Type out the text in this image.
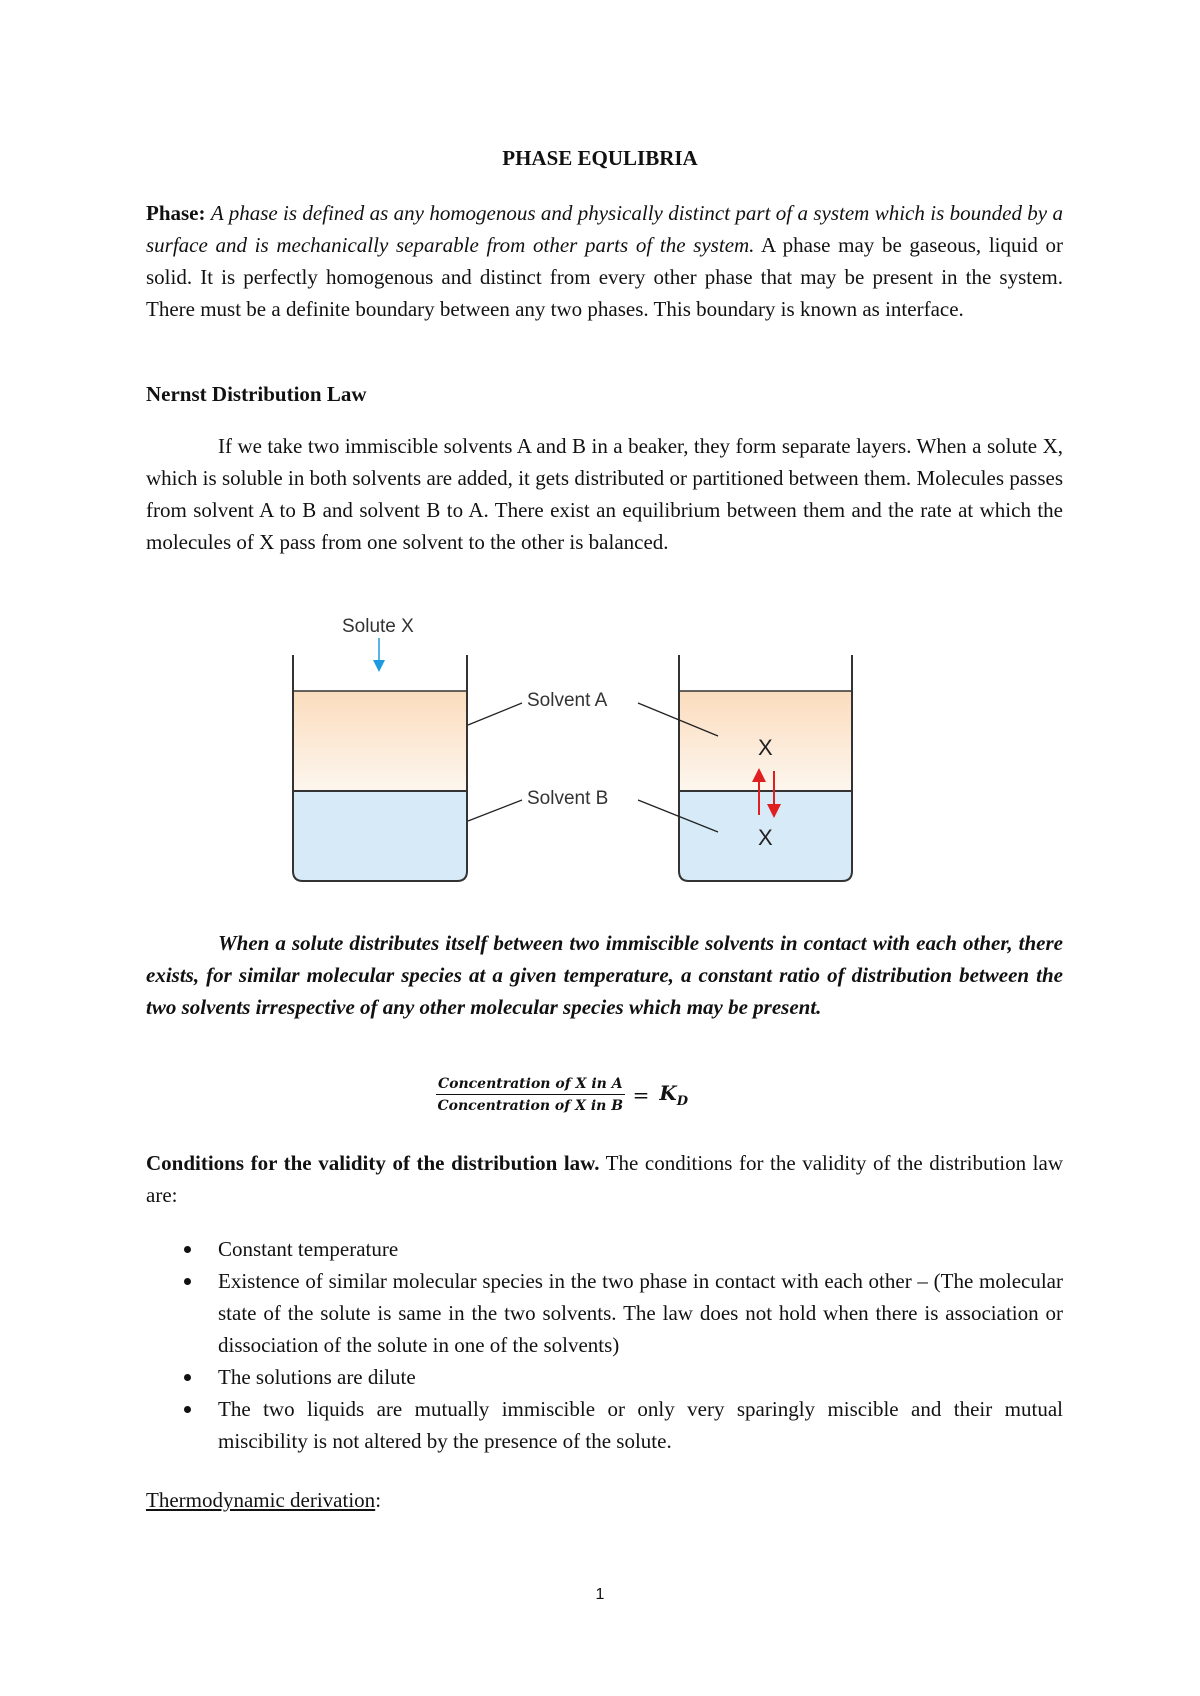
PHASE EQULIBRIA
Phase: A phase is defined as any homogenous and physically distinct part of a system which is bounded by a surface and is mechanically separable from other parts of the system. A phase may be gaseous, liquid or solid. It is perfectly homogenous and distinct from every other phase that may be present in the system. There must be a definite boundary between any two phases. This boundary is known as interface.
Nernst Distribution Law
If we take two immiscible solvents A and B in a beaker, they form separate layers. When a solute X, which is soluble in both solvents are added, it gets distributed or partitioned between them. Molecules passes from solvent A to B and solvent B to A. There exist an equilibrium between them and the rate at which the molecules of X pass from one solvent to the other is balanced.
Solute X
Solvent A
Solvent B
X
X
When a solute distributes itself between two immiscible solvents in contact with each other, there exists, for similar molecular species at a given temperature, a constant ratio of distribution between the two solvents irrespective of any other molecular species which may be present.
$\frac{\text{Concentration of X in A}}{\text{Concentration of X in B}} = K_D$
Conditions for the validity of the distribution law. The conditions for the validity of the distribution law are:
Constant temperature
Existence of similar molecular species in the two phase in contact with each other – (The molecular state of the solute is same in the two solvents. The law does not hold when there is association or dissociation of the solute in one of the solvents)
The solutions are dilute
The two liquids are mutually immiscible or only very sparingly miscible and their mutual miscibility is not altered by the presence of the solute.
Thermodynamic derivation:
1
